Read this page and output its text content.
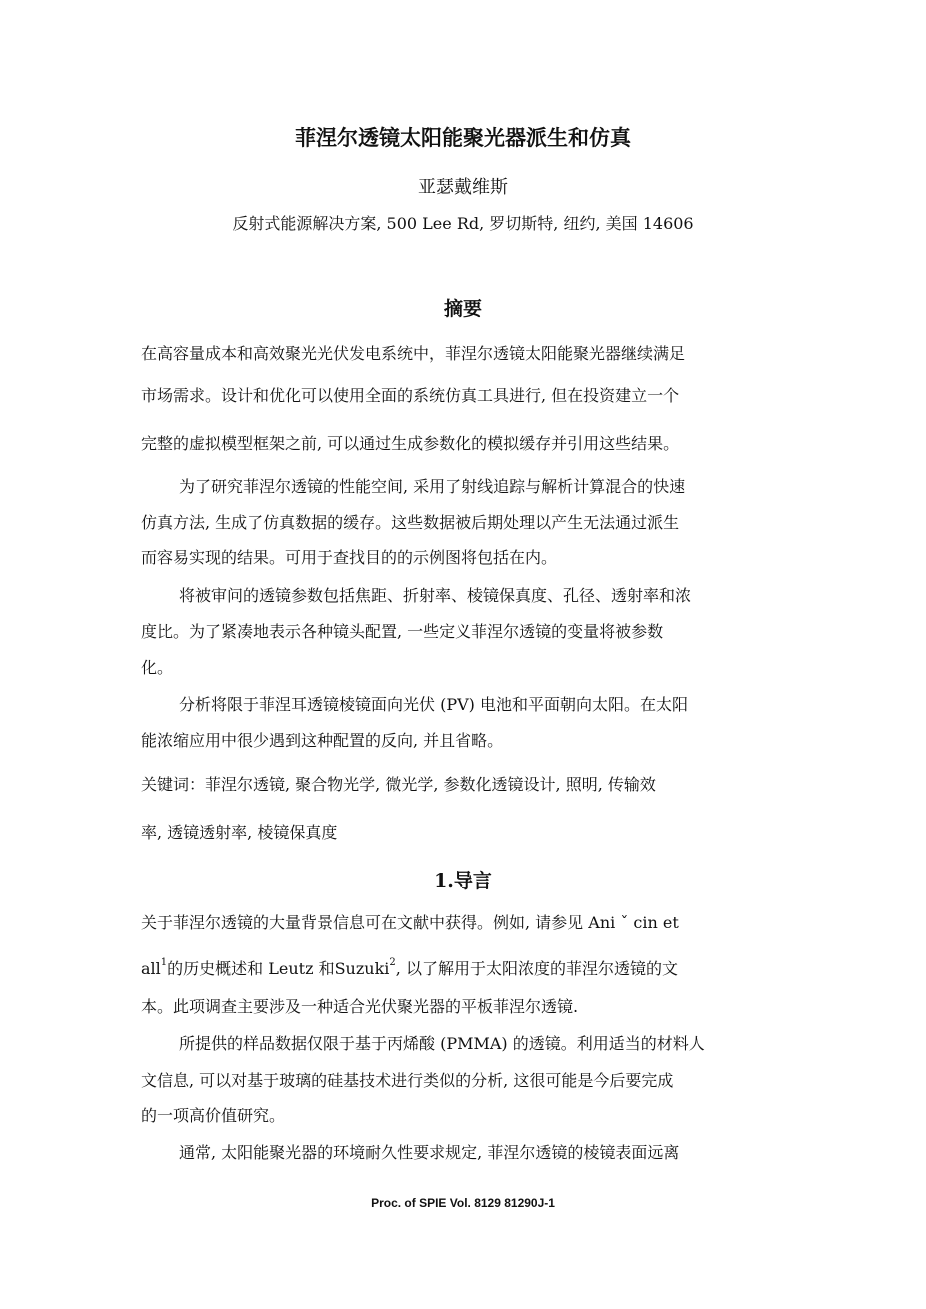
菲涅尔透镜太阳能聚光器派生和仿真
亚瑟戴维斯
反射式能源解决方案, 500 Lee Rd, 罗切斯特, 纽约, 美国 14606
摘要
在高容量成本和高效聚光光伏发电系统中，菲涅尔透镜太阳能聚光器继续满足
市场需求。设计和优化可以使用全面的系统仿真工具进行, 但在投资建立一个
完整的虚拟模型框架之前, 可以通过生成参数化的模拟缓存并引用这些结果。
为了研究菲涅尔透镜的性能空间, 采用了射线追踪与解析计算混合的快速
仿真方法, 生成了仿真数据的缓存。这些数据被后期处理以产生无法通过派生
而容易实现的结果。可用于查找目的的示例图将包括在内。
将被审问的透镜参数包括焦距、折射率、棱镜保真度、孔径、透射率和浓
度比。为了紧凑地表示各种镜头配置, 一些定义菲涅尔透镜的变量将被参数
化。
分析将限于菲涅耳透镜棱镜面向光伏 (PV) 电池和平面朝向太阳。在太阳
能浓缩应用中很少遇到这种配置的反向, 并且省略。
关键词：菲涅尔透镜, 聚合物光学, 微光学, 参数化透镜设计, 照明, 传输效
率, 透镜透射率, 棱镜保真度
1.导言
关于菲涅尔透镜的大量背景信息可在文献中获得。例如, 请参见 Ani ˇ cin et
all$^1$的历史概述和 Leutz 和Suzuki$^2$, 以了解用于太阳浓度的菲涅尔透镜的文
本。此项调查主要涉及一种适合光伏聚光器的平板菲涅尔透镜.
所提供的样品数据仅限于基于丙烯酸 (PMMA) 的透镜。利用适当的材料人
文信息, 可以对基于玻璃的硅基技术进行类似的分析, 这很可能是今后要完成
的一项高价值研究。
通常, 太阳能聚光器的环境耐久性要求规定, 菲涅尔透镜的棱镜表面远离
Proc. of SPIE Vol. 8129 81290J-1
